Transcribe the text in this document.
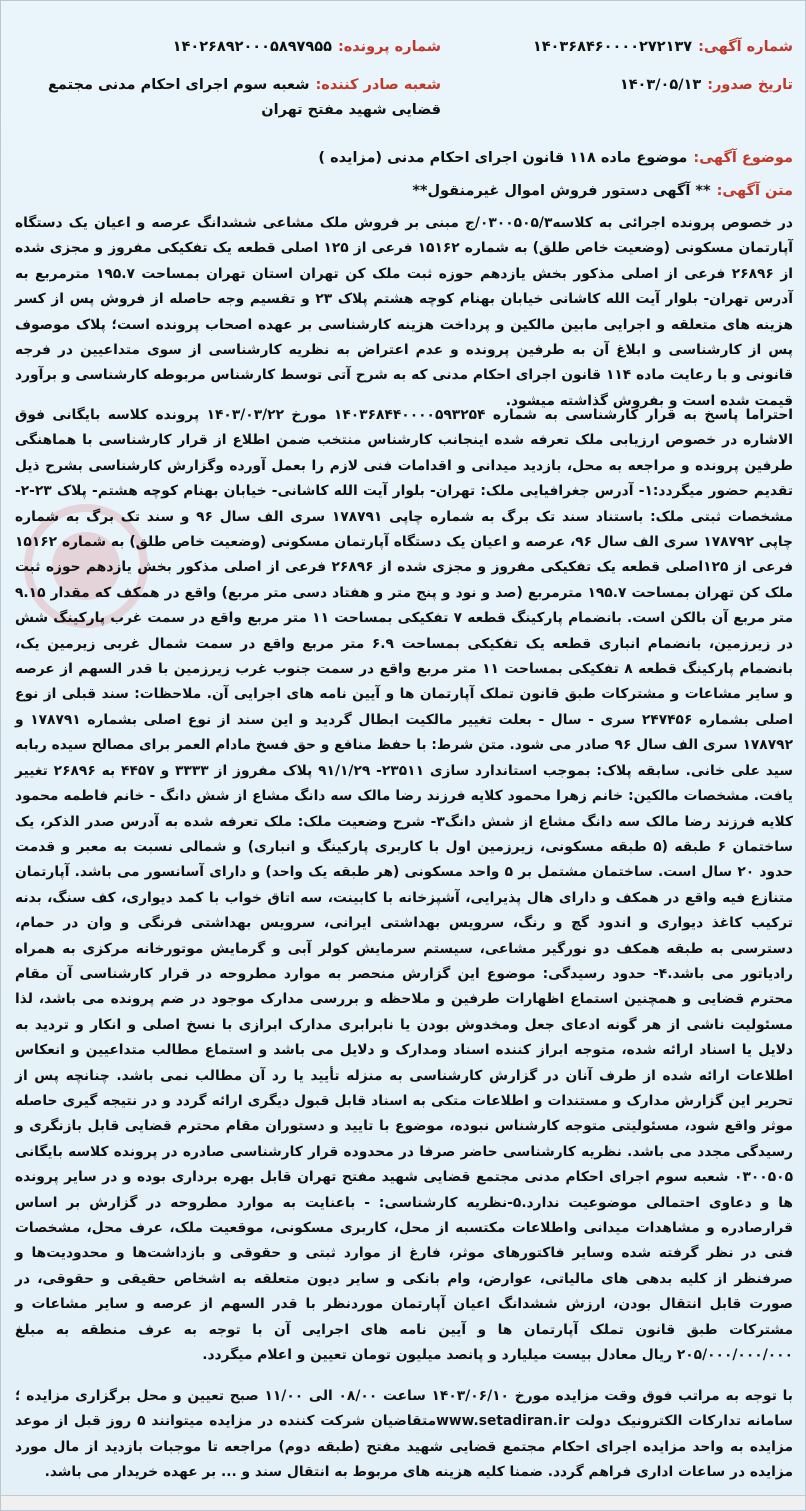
شماره آگهی:۱۴۰۳۶۸۴۶۰۰۰۰۲۷۲۱۳۷
شماره پرونده:۱۴۰۲۶۸۹۲۰۰۰۵۸۹۷۹۵۵
تاریخ صدور:۱۴۰۳/۰۵/۱۳
شعبه صادر کننده:شعبه سوم اجرای احکام مدنی مجتمع قضایی شهید مفتح تهران
موضوع آگهی:موضوع ماده ۱۱۸ قانون اجرای احکام مدنی (مزایده )
متن آگهی:** آگهی دستور فروش اموال غیرمنقول**
در خصوص پرونده اجرائی به کلاسه۰۳۰۰۵۰۵/۳/ج مبنی بر فروش ملک مشاعی ششدانگ عرصه و اعیان یک دستگاه آپارتمان مسکونی (وضعیت خاص طلق) به شماره ۱۵۱۶۲ فرعی از ۱۲۵ اصلی قطعه یک تفکیکی مفروز و مجزی شده از ۲۶۸۹۶ فرعی از اصلی مذکور بخش یازدهم حوزه ثبت ملک کن تهران استان تهران بمساحت ۱۹۵.۷ مترمربع به آدرس تهران- بلوار آیت الله کاشانی خیابان بهنام کوچه هشتم پلاک ۲۳ و تقسیم وجه حاصله از فروش پس از کسر هزینه های متعلقه و اجرایی مابین مالکین و پرداخت هزینه کارشناسی بر عهده اصحاب پرونده است؛ پلاک موصوف پس از کارشناسی و ابلاغ آن به طرفین پرونده و عدم اعتراض به نظریه کارشناسی از سوی متداعیین در فرجه قانونی و با رعایت ماده ۱۱۴ قانون اجرای احکام مدنی که به شرح آتی توسط کارشناس مربوطه کارشناسی و برآورد قیمت شده است و بفروش گذاشته میشود.
احتراما پاسخ به قرار کارشناسی به شماره ۱۴۰۳۶۸۴۴۰۰۰۰۵۹۳۲۵۴ مورخ ۱۴۰۳/۰۳/۲۲ پرونده کلاسه بایگانی فوق الاشاره در خصوص ارزیابی ملک تعرفه شده اینجانب کارشناس منتخب ضمن اطلاع از قرار کارشناسی با هماهنگی طرفین پرونده و مراجعه به محل، بازدید میدانی و اقدامات فنی لازم را بعمل آورده وگزارش کارشناسی بشرح ذیل تقدیم حضور میگردد:۱- آدرس جغرافیایی ملک: تهران- بلوار آیت الله کاشانی- خیابان بهنام کوچه هشتم- پلاک ۲۳-۲- مشخصات ثبتی ملک: باستناد سند تک برگ به شماره چاپی ۱۷۸۷۹۱ سری الف سال ۹۶ و سند تک برگ به شماره چاپی ۱۷۸۷۹۲ سری الف سال ۹۶، عرصه و اعیان یک دستگاه آپارتمان مسکونی (وضعیت خاص طلق) به شماره ۱۵۱۶۲ فرعی از ۱۲۵اصلی قطعه یک تفکیکی مفروز و مجزی شده از ۲۶۸۹۶ فرعی از اصلی مذکور بخش یازدهم حوزه ثبت ملک کن تهران بمساحت ۱۹۵.۷ مترمربع (صد و نود و پنج متر و هفتاد دسی متر مربع) واقع در همکف که مقدار ۹.۱۵ متر مربع آن بالکن است. بانضمام پارکینگ قطعه ۷ تفکیکی بمساحت ۱۱ متر مربع واقع در سمت غرب پارکینگ شش در زیرزمین، بانضمام انباری قطعه یک تفکیکی بمساحت ۶.۹ متر مربع واقع در سمت شمال غربی زیرمین یک، بانضمام پارکینگ قطعه ۸ تفکیکی بمساحت ۱۱ متر مربع واقع در سمت جنوب غرب زیرزمین با قدر السهم از عرصه و سایر مشاعات و مشترکات طبق قانون تملک آپارتمان ها و آیین نامه های اجرایی آن. ملاحظات: سند قبلی از نوع اصلی بشماره ۲۴۷۴۵۶ سری - سال - بعلت تغییر مالکیت ابطال گردید و این سند از نوع اصلی بشماره ۱۷۸۷۹۱ و ۱۷۸۷۹۲ سری الف سال ۹۶ صادر می شود. متن شرط: با حفظ منافع و حق فسخ مادام العمر برای مصالح سیده ربابه سید علی خانی. سابقه پلاک: بموجب استاندارد سازی ۲۳۵۱۱- ۹۱/۱/۲۹ پلاک مفروز از ۳۳۳۳ و ۴۴۵۷ به ۲۶۸۹۶ تغییر یافت. مشخصات مالکین: خانم زهرا محمود کلایه فرزند رضا مالک سه دانگ مشاع از شش دانگ - خانم فاطمه محمود کلایه فرزند رضا مالک سه دانگ مشاع از شش دانگ۳- شرح وضعیت ملک: ملک تعرفه شده به آدرس صدر الذکر، یک ساختمان ۶ طبقه (۵ طبقه مسکونی، زیرزمین اول با کاربری پارکینگ و انباری) و شمالی نسبت به معبر و قدمت حدود ۲۰ سال است. ساختمان مشتمل بر ۵ واحد مسکونی (هر طبقه یک واحد) و دارای آسانسور می باشد. آپارتمان متنازع فیه واقع در همکف و دارای هال پذیرایی، آشپزخانه با کابینت، سه اتاق خواب با کمد دیواری، کف سنگ، بدنه ترکیب کاغذ دیواری و اندود گچ و رنگ، سرویس بهداشتی ایرانی، سرویس بهداشتی فرنگی و وان در حمام، دسترسی به طبقه همکف دو نورگیر مشاعی، سیستم سرمایش کولر آبی و گرمایش موتورخانه مرکزی به همراه رادیاتور می باشد.۴- حدود رسیدگی: موضوع این گزارش منحصر به موارد مطروحه در قرار کارشناسی آن مقام محترم قضایی و همچنین استماع اظهارات طرفین و ملاحظه و بررسی مدارک موجود در ضم پرونده می باشد، لذا مسئولیت ناشی از هر گونه ادعای جعل ومخدوش بودن یا نابرابری مدارک ابرازی با نسخ اصلی و انکار و تردید به دلایل یا اسناد ارائه شده، متوجه ابراز کننده اسناد ومدارک و دلایل می باشد و استماع مطالب متداعیین و انعکاس اطلاعات ارائه شده از طرف آنان در گزارش کارشناسی به منزله تأیید یا رد آن مطالب نمی باشد. چنانچه پس از تحریر این گزارش مدارک و مستندات و اطلاعات متکی به اسناد قابل قبول دیگری ارائه گردد و در نتیجه گیری حاصله موثر واقع شود، مسئولیتی متوجه کارشناس نبوده، موضوع با تایید و دستوران مقام محترم قضایی قابل بازنگری و رسیدگی مجدد می باشد. نظریه کارشناسی حاضر صرفا در محدوده قرار کارشناسی صادره در پرونده کلاسه بایگانی ۰۳۰۰۵۰۵ شعبه سوم اجرای احکام مدنی مجتمع قضایی شهید مفتح تهران قابل بهره برداری بوده و در سایر پرونده ها و دعاوی احتمالی موضوعیت ندارد.۵-نظریه کارشناسی: - باعنایت به موارد مطروحه در گزارش بر اساس قرارصادره و مشاهدات میدانی واطلاعات مکتسبه از محل، کاربری مسکونی، موقعیت ملک، عرف محل، مشخصات فنی در نظر گرفته شده وسایر فاکتورهای موثر، فارغ از موارد ثبتی و حقوقی و بازداشت‌ها و محدودیت‌ها و صرفنظر از کلیه بدهی های مالیاتی، عوارض، وام بانکی و سایر دیون متعلقه به اشخاص حقیقی و حقوقی، در صورت قابل انتقال بودن، ارزش ششدانگ اعیان آپارتمان موردنظر با قدر السهم از عرصه و سایر مشاعات و مشترکات طبق قانون تملک آپارتمان ها و آیین نامه های اجرایی آن با توجه به عرف منطقه به مبلغ ۲۰۵/۰۰۰/۰۰۰/۰۰۰ ریال معادل بیست میلیارد و پانصد میلیون تومان تعیین و اعلام میگردد.
با توجه به مراتب فوق وقت مزایده مورخ ۱۴۰۳/۰۶/۱۰ ساعت ۰۸/۰۰ الی ۱۱/۰۰ صبح تعیین و محل برگزاری مزایده ؛سامانه تدارکات الکترونیک دولت www.setadiran.irمتقاضیان شرکت کننده در مزایده میتوانند ۵ روز قبل از موعد مزایده به واحد مزایده اجرای احکام مجتمع قضایی شهید مفتح (طبقه دوم) مراجعه تا موجبات بازدید از مال مورد مزایده در ساعات اداری فراهم گردد. ضمنا کلیه هزینه های مربوط به انتقال سند و ... بر عهده خریدار می باشد.
